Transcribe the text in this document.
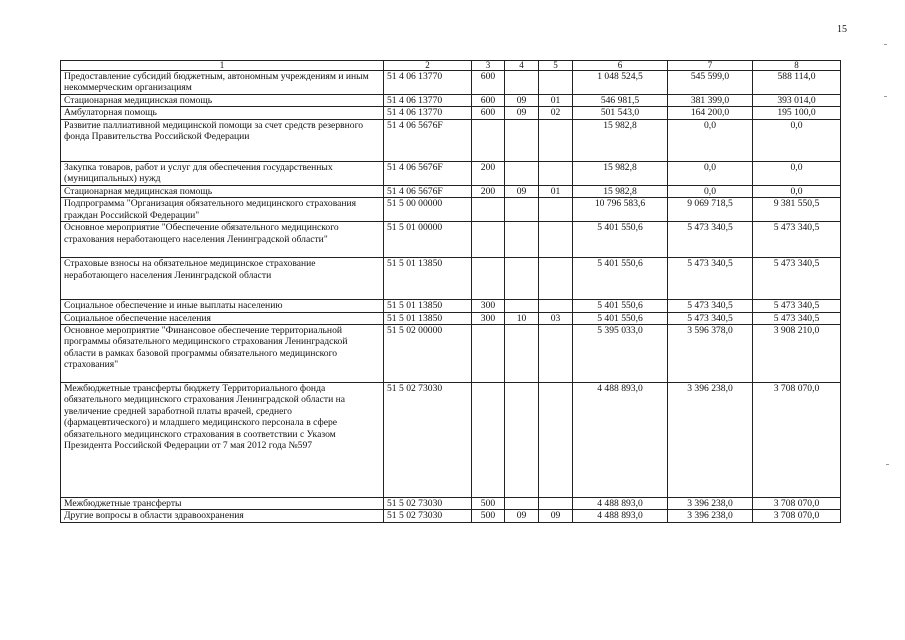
15
1	2	3	4	5	6	7	8
Предоставление субсидий бюджетным, автономным учреждениям и иным некоммерческим организациям	51 4 06 13770	600			1 048 524,5	545 599,0	588 114,0
Стационарная медицинская помощь	51 4 06 13770	600	09	01	546 981,5	381 399,0	393 014,0
Амбулаторная помощь	51 4 06 13770	600	09	02	501 543,0	164 200,0	195 100,0
Развитие паллиативной медицинской помощи за счет средств резервного фонда Правительства Российской Федерации	51 4 06 5676F				15 982,8	0,0	0,0
Закупка товаров, работ и услуг для обеспечения государственных (муниципальных) нужд	51 4 06 5676F	200			15 982,8	0,0	0,0
Стационарная медицинская помощь	51 4 06 5676F	200	09	01	15 982,8	0,0	0,0
Подпрограмма "Организация обязательного медицинского страхования граждан Российской Федерации"	51 5 00 00000				10 796 583,6	9 069 718,5	9 381 550,5
Основное мероприятие "Обеспечение обязательного медицинского страхования неработающего населения Ленинградской области"	51 5 01 00000				5 401 550,6	5 473 340,5	5 473 340,5
Страховые взносы на обязательное медицинское страхование неработающего населения Ленинградской области	51 5 01 13850				5 401 550,6	5 473 340,5	5 473 340,5
Социальное обеспечение и иные выплаты населению	51 5 01 13850	300			5 401 550,6	5 473 340,5	5 473 340,5
Социальное обеспечение населения	51 5 01 13850	300	10	03	5 401 550,6	5 473 340,5	5 473 340,5
Основное мероприятие "Финансовое обеспечение территориальной программы обязательного медицинского страхования Ленинградской области в рамках базовой программы обязательного медицинского страхования"	51 5 02 00000				5 395 033,0	3 596 378,0	3 908 210,0
Межбюджетные трансферты бюджету Территориального фонда обязательного медицинского страхования Ленинградской области на увеличение средней заработной платы врачей, среднего (фармацевтического) и младшего медицинского персонала в сфере обязательного медицинского страхования в соответствии с Указом Президента Российской Федерации от 7 мая 2012 года №597	51 5 02 73030				4 488 893,0	3 396 238,0	3 708 070,0
Межбюджетные трансферты	51 5 02 73030	500			4 488 893,0	3 396 238,0	3 708 070,0
Другие вопросы в области здравоохранения	51 5 02 73030	500	09	09	4 488 893,0	3 396 238,0	3 708 070,0
